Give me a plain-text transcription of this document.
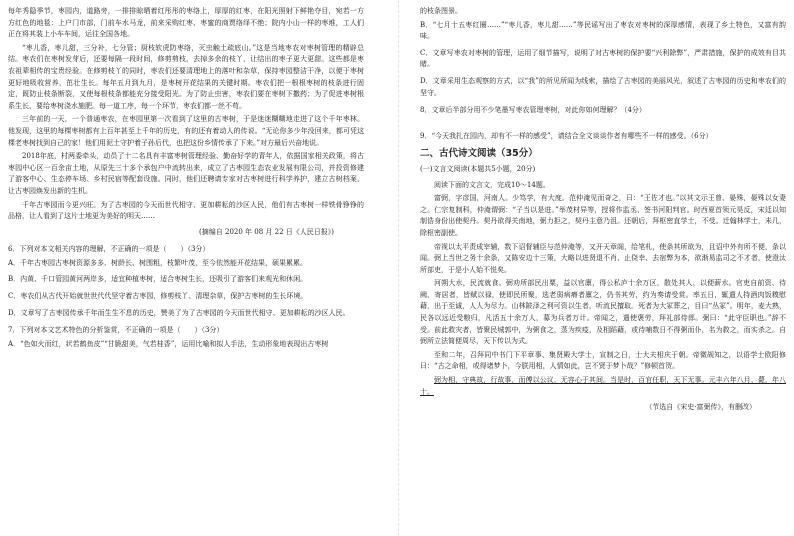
每年秀隐季节，枣园内，道路旁，一排排晾晒着红彤彤的枣络上，厚厚的红枣，在阳光照射下鲜艳夺目，宛若一方方红色的地毯：上户门市部，门前车水马龙，前来采购红枣、枣蜜的商贾络绎不绝；院内小山一样的枣堆，工人们正在将其装上小车车间，运往全国各地。

“枣儿香，枣儿甜，三分补，七分管；厨枝软虎防枣络，灭虫触土疏底山。”这是当地枣农对枣树管理的精辟总结。枣农们在枣树发芽后，还要每隔一段时间，修剪剪枝，去掉多余的枝丫，让结出的枣子更大更甜。这些都是枣农祖辈相传的宝贵经验。在修剪枝丫的同时，枣农们还要清理地上的落叶和杂草，保持枣园整洁干净，以便于枣树更好地吸收营养，茁壮生长。每年五月到九月，是枣树开花结果的关键时期。枣农们把一根根枣树的枝条进行固定，既防止枝条断裂，又使每根枝条都能充分接受阳光。为了防止虫害，枣农们要在枣树下撒药；为了促进枣树根系生长，要给枣树浇水施肥。每一道工序，每一个环节，枣农们都一丝不苟。

三年前的一天，一个普通枣农，在枣园里第一次看到了这里的古枣树，于是迷迷糊糊地走进了这个千年枣林。他发现，这里的每棵枣树都有上百年甚至上千年的历史，有的还有着动人的传说。“无论你多少年没回来，都可凭这棵老枣树找到自己的家！他们用泥土守护着子孙后代，也把这份乡情传承了下来。”对方最后兴奋地说。

2018年底，村两委牵头，动员了十二名具有丰富枣树管理经验、勤奋好学的青年人，依据国家相关政策，将古枣园中心区一百余亩土地，从原先三十多个承包户中流转出来，成立了古枣园生态农业发展有限公司，并投资修建了游客中心、生态停车场、乡村民宿等配套设施。同时，他们还聘请专家对古枣树进行科学养护，建立古树档案，让古枣园焕发出新的生机。

千年古枣园而今更兴旺。为了古枣园的今天而世代相守、更加耕耘的沙区人民，他们有古枣树一样铁骨铮铮的品格，让人看到了这片土地更为美好的明天……

(摘编自 2020 年 08 月 22 日《人民日报》)

6．下列对本文相关内容的理解，不正确的一项是（　　）（3分）

A．千年古枣园古枣树资源多多、树龄长、树围粗，枝繁叶茂，至今依然能开花结果，硕果累累。

B．内黄、千口管园黄河两岸多，适宜种植枣树，适合枣树生长，还吸引了游客们来观光和休闲。

C．枣农们从古代开始就世世代代坚守着古枣园，修剪枝丫、清理杂草，保护古枣树的生长环境。

D．文章写了古枣园传承千年而生生不息的历史，赞美了为了古枣园的今天而世代相守、更加耕耘的沙区人民。

7．下列对本文艺术特色的分析鉴赏，不正确的一项是（　　）（3分）

A．“色如火而红，状若鹤鱼皮”“甘脆甜美，气若桂香”，运用比喻和拟人手法，生动形象地表现出古枣树

的枝条图景。

B．“七月十五枣红圈……”“枣儿香，枣儿甜……”等民谣写出了枣农对枣树的深厚感情，表现了乡土特色，又富有韵味。

C．文章写枣农对枣树的管理，运用了细节描写，说明了对古枣树的保护要“兴利除弊”，严肃措施，保护的成效有目共睹。

D．文章采用生态观察的方式，以“我”的所见所闻为线索，描绘了古枣园的美丽风光，叙述了古枣园的历史和枣农们的坚守。

8．文章后半部分用不少笔墨写枣农管理枣树，对此你如何理解？（4分）

9．“今天我扎在园内，却有不一样的感受”，请结合全文谈谈作者有哪些不一样的感受。（6分）

二、古代诗文阅读（35分）

(一)文言文阅读(本题共5小题，20分)

阅读下面的文言文，完成10～14题。

富弼，字彦国，河南人。少笃学，有大度。范仲淹见而奇之，曰：“王佐才也。”以其文示王曾、晏殊，晏殊以女妻之。仁宗复制科，仲淹谓弼：“子当以是进。”举茂材异等，授将作监丞、签书河阳判官。时西夏首领元昊反，宋廷以知制诰身份出使契丹。契丹欲得关南地，弼力拒之，契丹主意乃沮。还朝后，拜枢密直学士，不受。迁翰林学士，未几，除枢密副使。

帝视以太平责成宰辅，数下诏督辅臣与范仲淹等，又开天章阁，给笔札，使条其所欲为，且诏中外有所不便，条以闻。弼上当世之务十余条，又陈安边十三策，大略以进贤退不肖、止侥幸、去宿弊为本，欲渐易监司之不才者，使澄汰所部吏，于是小人始不悦矣。

河朔大水，民流就食。弼劝所部民出粟，益以官廪，得公私庐十余万区，散处其人，以便薪水。官吏自前资、待阙、寄居者，皆赋以禄，使即民所聚，选老弱病瘠者廪之，仍书其劳，约为奏请受赏。率五日，辄遣人持酒肉饭糗慰藉，出于至诚，人人为尽力。山林陂泽之利可资以生者，听流民擅取。死者为大冢葬之，目曰“丛冢”。明年，麦大熟，民各以远近受粮归，凡活五十余万人，募为兵者万计。帝闻之，遣使褒劳，拜礼部侍郎。弼曰：“此守臣职也。”辞不受。前此救灾者，皆聚民城郭中，为粥食之，蒸为疾疫，及相蹈藉，或待哺数日不得粥而仆，名为救之，而实杀之。自弼所立法简便周尽，天下传以为式。

至和二年，召拜同中书门下平章事、集贤殿大学士，宣制之日，士大夫相庆于朝。帝微觇知之，以语学士欧阳修曰：“古之命相，或得诸梦卜，今朕用相，人情如此，岂不贤于梦卜哉？”修顿首贺。

弼为相，守典故，行故事，而傅以公议，无容心于其间。当是时，百官任职，天下无事。元丰六年八月，薨，年八十。

（节选自《宋史·富弼传》，有删改）
